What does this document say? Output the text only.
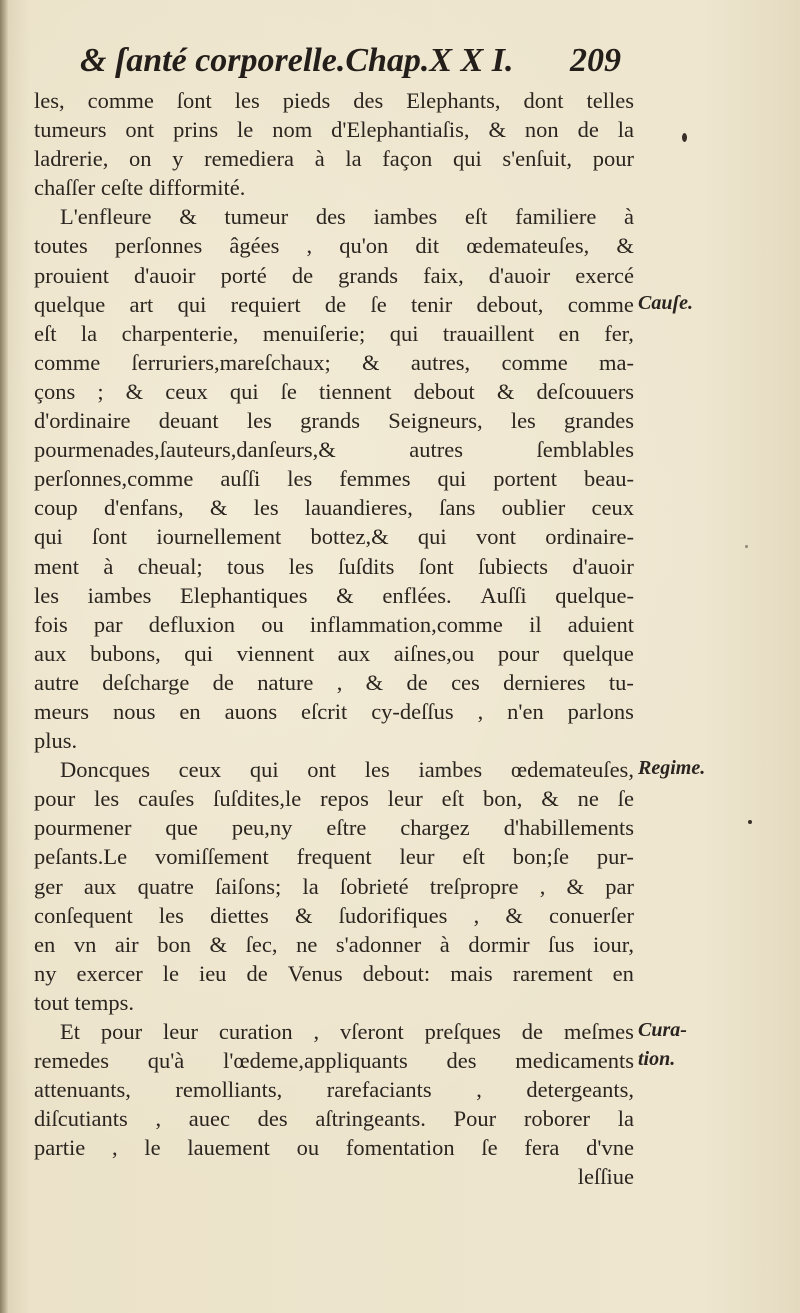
& ſanté corporelle.Chap.X X I. 209
les, comme ſont les pieds des Elephants, dont telles
tumeurs ont prins le nom d'Elephantiaſis, & non de la
ladrerie, on y remediera à la façon qui s'enſuit, pour
chaſſer ceſte difformité.
L'enfleure & tumeur des iambes eſt familiere à
toutes perſonnes âgées , qu'on dit œdemateuſes, &
prouient d'auoir porté de grands faix, d'auoir exercé
quelque art qui requiert de ſe tenir debout, comme
eſt la charpenterie, menuiſerie; qui trauaillent en fer,
comme ſerruriers,mareſchaux; & autres, comme ma-
çons ; & ceux qui ſe tiennent debout & deſcouuers
d'ordinaire deuant les grands Seigneurs, les grandes
pourmenades,ſauteurs,danſeurs,&	autres	ſemblables
perſonnes,comme auſſi les femmes qui portent beau-
coup d'enfans, & les lauandieres, ſans oublier ceux
qui ſont iournellement bottez,& qui vont ordinaire-
ment à cheual; tous les ſuſdits ſont ſubiects d'auoir
les iambes Elephantiques & enflées. Auſſi quelque-
fois par defluxion ou inflammation,comme il aduient
aux bubons, qui viennent aux aiſnes,ou pour quelque
autre deſcharge de nature , & de ces dernieres tu-
meurs nous en auons eſcrit cy-deſſus , n'en parlons
plus.
Doncques ceux qui ont les iambes œdemateuſes,
pour les cauſes ſuſdites,le repos leur eſt bon, & ne ſe
pourmener que peu,ny eſtre chargez d'habillements
peſants.Le vomiſſement frequent leur eſt bon;ſe pur-
ger aux quatre ſaiſons; la ſobrieté treſpropre , & par
conſequent les diettes & ſudorifiques , & conuerſer
en vn air bon & ſec, ne s'adonner à dormir ſus iour,
ny exercer le ieu de Venus debout: mais rarement en
tout temps.
Et pour leur curation , vſeront preſques de meſmes
remedes qu'à l'œdeme,appliquants des medicaments
attenuants, remolliants, rarefaciants , detergeants,
diſcutiants , auec des aſtringeants. Pour roborer la
partie , le lauement ou fomentation ſe fera d'vne
leſſiue
Cauſe.
Regime.
Cura-
tion.
